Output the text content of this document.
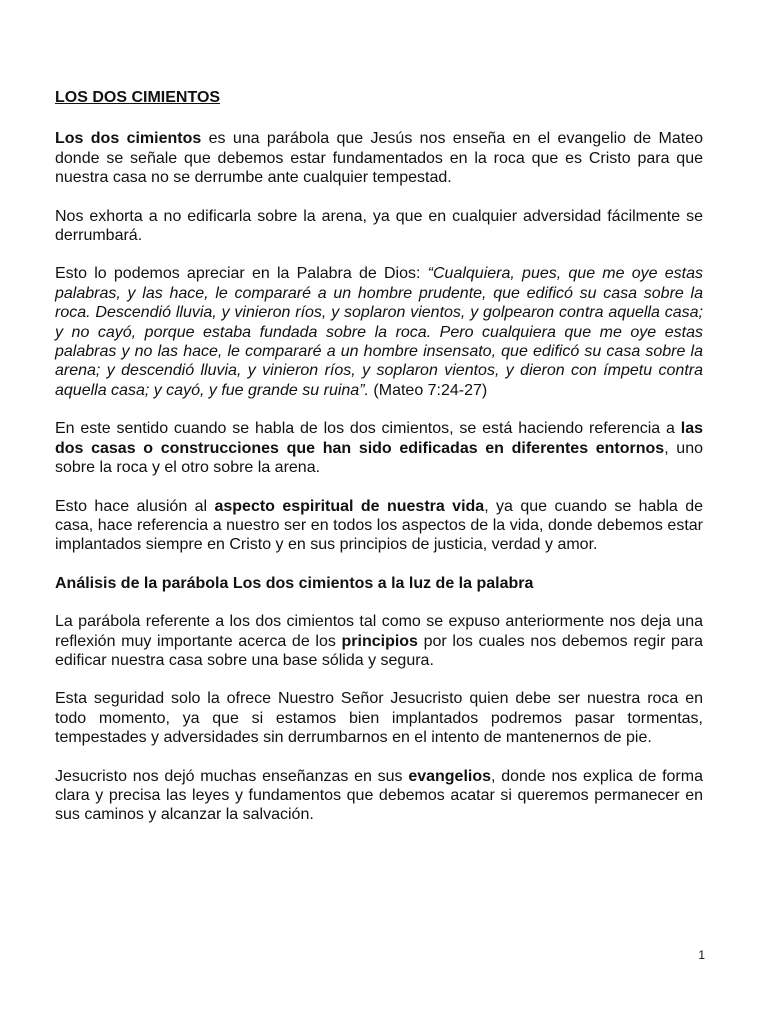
LOS DOS CIMIENTOS

Los dos cimientos es una parábola que Jesús nos enseña en el evangelio de Mateo donde se señale que debemos estar fundamentados en la roca que es Cristo para que nuestra casa no se derrumbe ante cualquier tempestad.

Nos exhorta a no edificarla sobre la arena, ya que en cualquier adversidad fácilmente se derrumbará.

Esto lo podemos apreciar en la Palabra de Dios: “Cualquiera, pues, que me oye estas palabras, y las hace, le compararé a un hombre prudente, que edificó su casa sobre la roca. Descendió lluvia, y vinieron ríos, y soplaron vientos, y golpearon contra aquella casa; y no cayó, porque estaba fundada sobre la roca. Pero cualquiera que me oye estas palabras y no las hace, le compararé a un hombre insensato, que edificó su casa sobre la arena; y descendió lluvia, y vinieron ríos, y soplaron vientos, y dieron con ímpetu contra aquella casa; y cayó, y fue grande su ruina”. (Mateo 7:24-27)

En este sentido cuando se habla de los dos cimientos, se está haciendo referencia a las dos casas o construcciones que han sido edificadas en diferentes entornos, uno sobre la roca y el otro sobre la arena.

Esto hace alusión al aspecto espiritual de nuestra vida, ya que cuando se habla de casa, hace referencia a nuestro ser en todos los aspectos de la vida, donde debemos estar implantados siempre en Cristo y en sus principios de justicia, verdad y amor.

Análisis de la parábola Los dos cimientos a la luz de la palabra

La parábola referente a los dos cimientos tal como se expuso anteriormente nos deja una reflexión muy importante acerca de los principios por los cuales nos debemos regir para edificar nuestra casa sobre una base sólida y segura.

Esta seguridad solo la ofrece Nuestro Señor Jesucristo quien debe ser nuestra roca en todo momento, ya que si estamos bien implantados podremos pasar tormentas, tempestades y adversidades sin derrumbarnos en el intento de mantenernos de pie.

Jesucristo nos dejó muchas enseñanzas en sus evangelios, donde nos explica de forma clara y precisa las leyes y fundamentos que debemos acatar si queremos permanecer en sus caminos y alcanzar la salvación.

1
